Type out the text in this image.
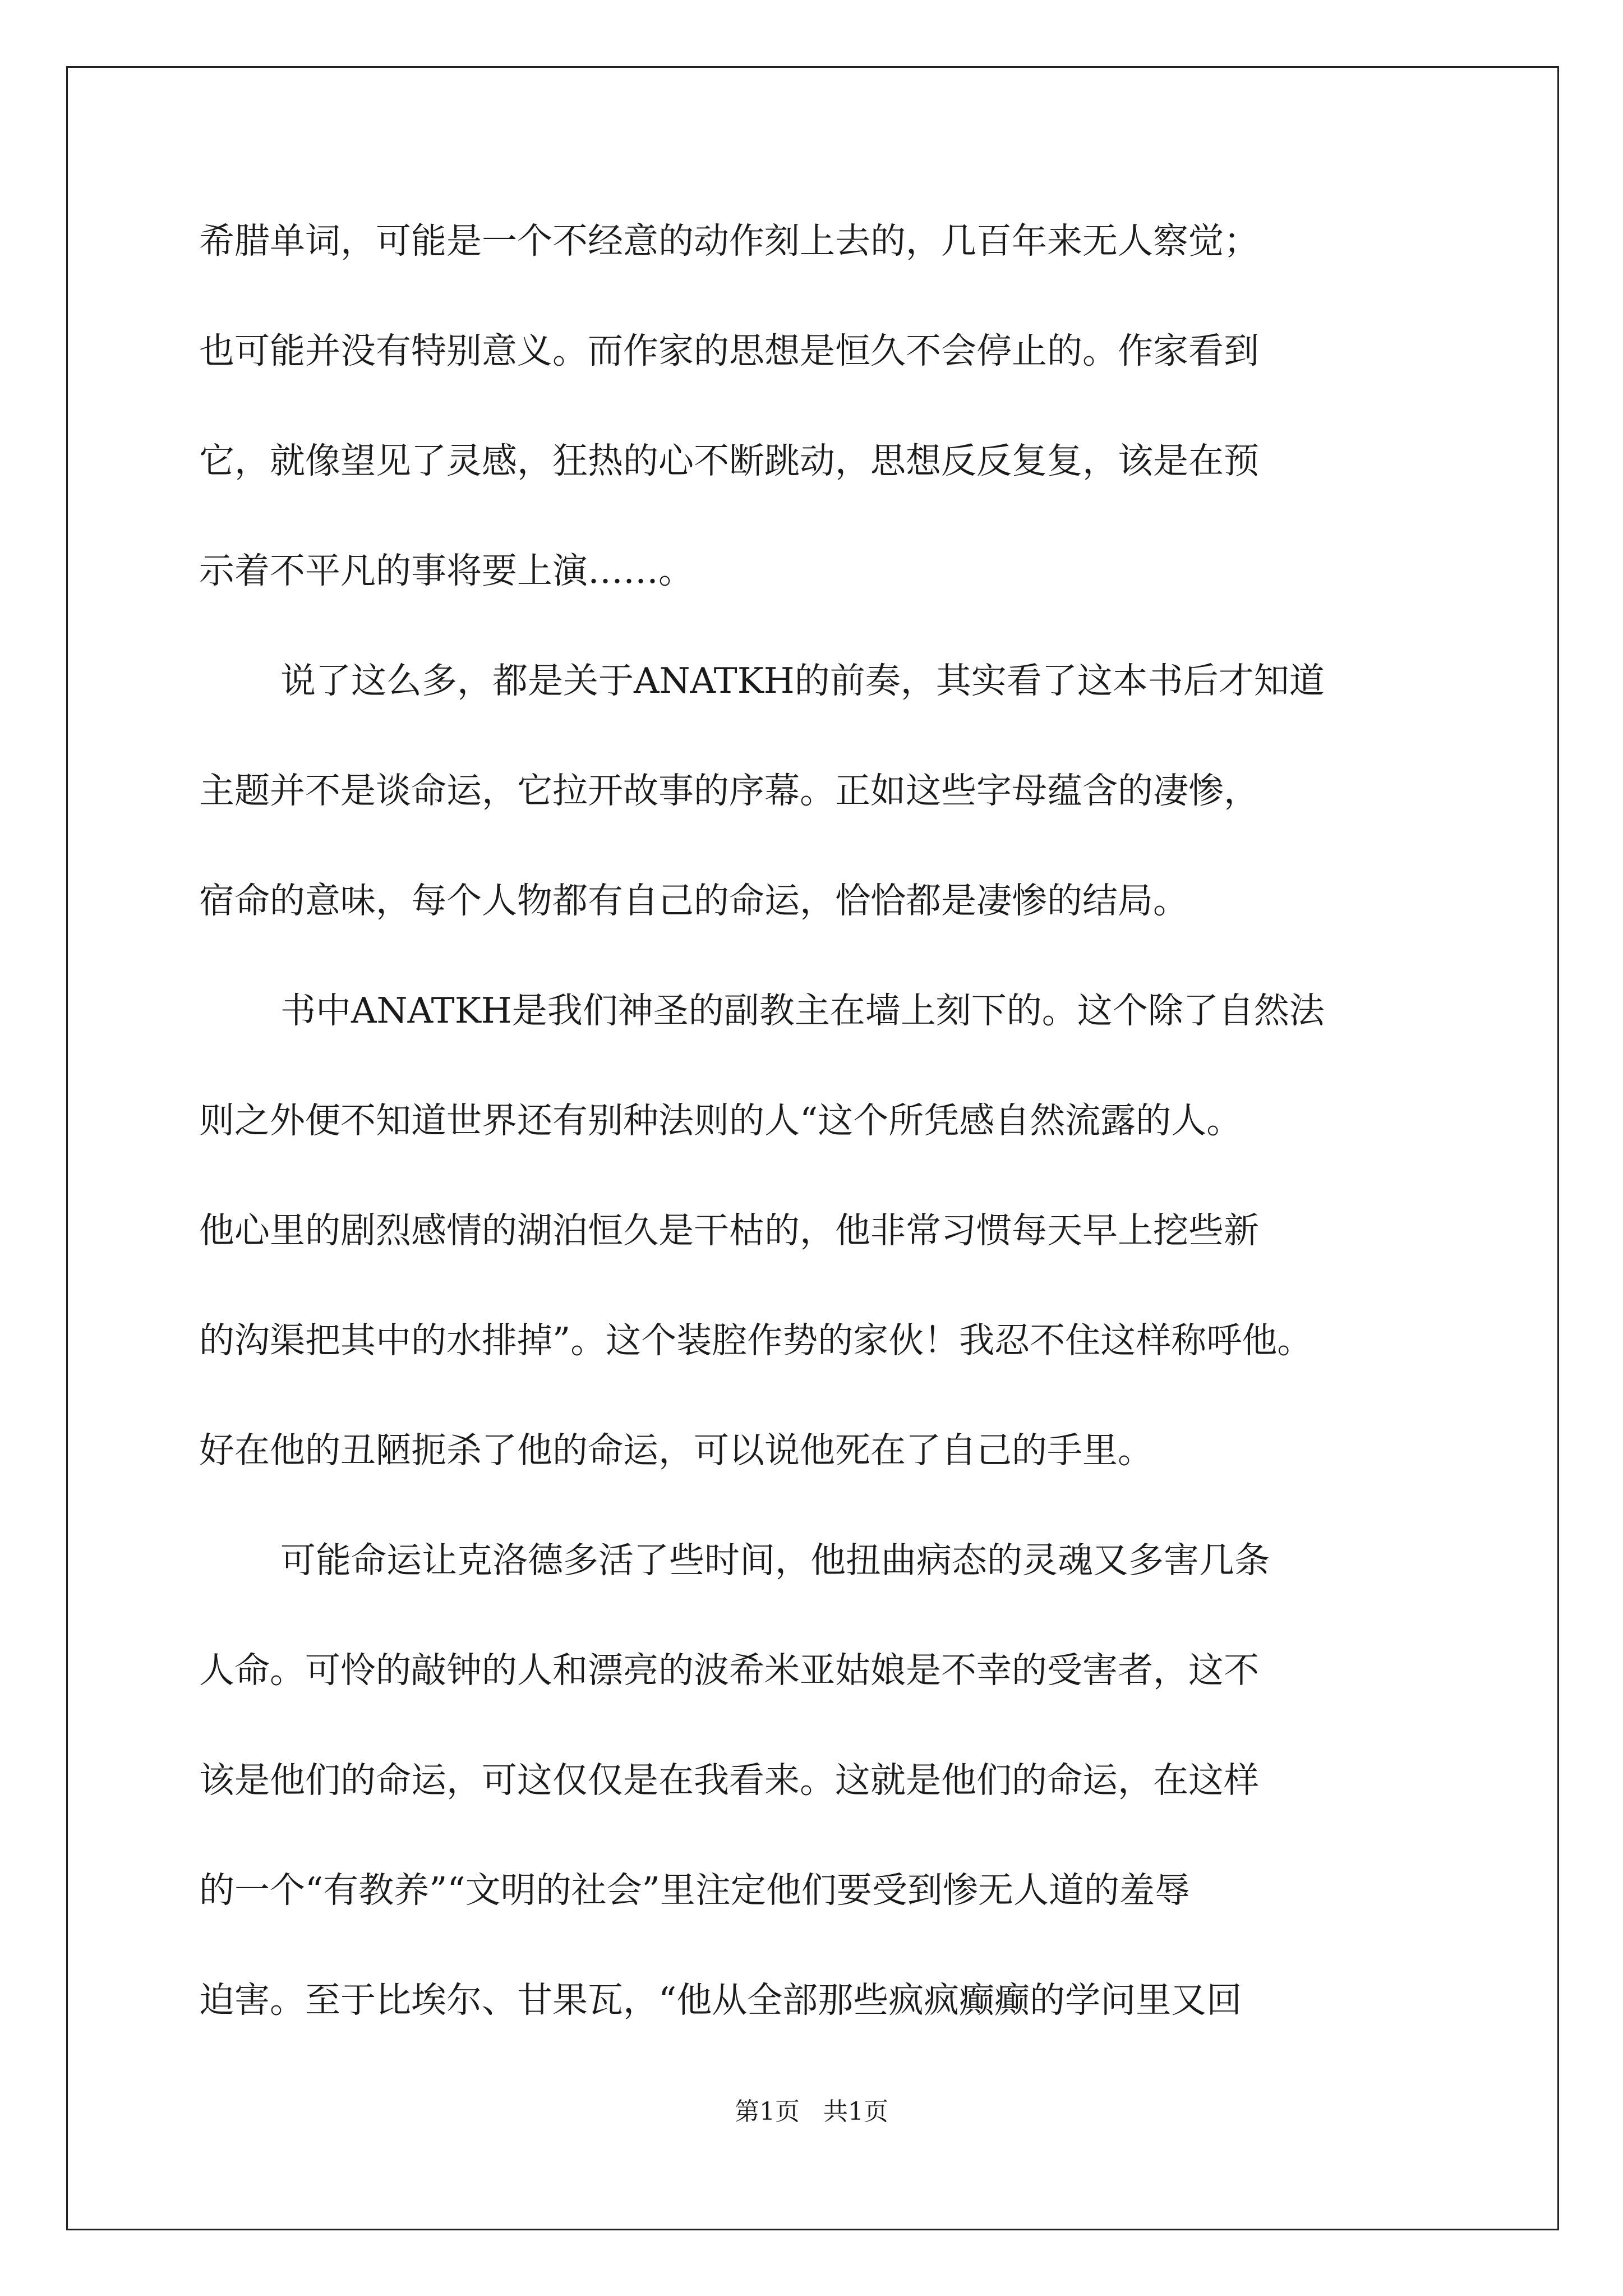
希腊单词，可能是一个不经意的动作刻上去的，几百年来无人察觉；
也可能并没有特别意义。而作家的思想是恒久不会停止的。作家看到
它，就像望见了灵感，狂热的心不断跳动，思想反反复复，该是在预
示着不平凡的事将要上演……。
说了这么多，都是关于ANATKH的前奏，其实看了这本书后才知道
主题并不是谈命运，它拉开故事的序幕。正如这些字母蕴含的凄惨，
宿命的意味，每个人物都有自己的命运，恰恰都是凄惨的结局。
书中ANATKH是我们神圣的副教主在墙上刻下的。这个除了自然法
则之外便不知道世界还有别种法则的人“这个所凭感自然流露的人。
他心里的剧烈感情的湖泊恒久是干枯的，他非常习惯每天早上挖些新
的沟渠把其中的水排掉”。这个装腔作势的家伙！我忍不住这样称呼他。
好在他的丑陋扼杀了他的命运，可以说他死在了自己的手里。
可能命运让克洛德多活了些时间，他扭曲病态的灵魂又多害几条
人命。可怜的敲钟的人和漂亮的波希米亚姑娘是不幸的受害者，这不
该是他们的命运，可这仅仅是在我看来。这就是他们的命运，在这样
的一个“有教养”“文明的社会”里注定他们要受到惨无人道的羞辱
迫害。至于比埃尔、甘果瓦，“他从全部那些疯疯癫癫的学问里又回
第1页   共1页
